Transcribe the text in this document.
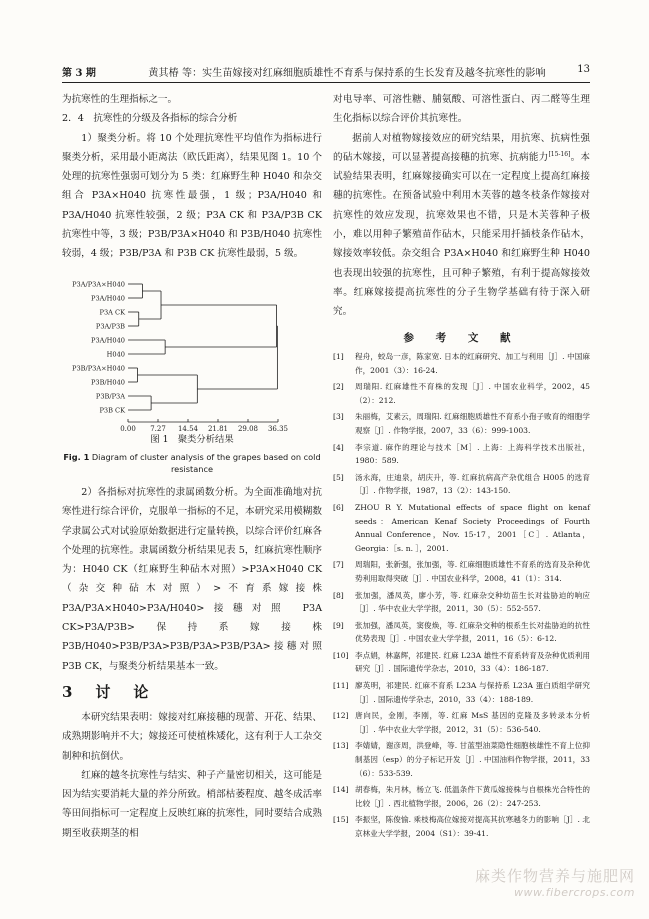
第 3 期	黄其椿 等：实生苗嫁接对红麻细胞质雄性不育系与保持系的生长发育及越冬抗寒性的影响	13

为抗寒性的生理指标之一。

2．4　抗寒性的分级及各指标的综合分析

1）聚类分析。将 10 个处理抗寒性平均值作为指标进行聚类分析，采用最小距离法（欧氏距离），结果见图 1。10 个处理的抗寒性强弱可划分为 5 类：红麻野生种 H040 和杂交组合 P3A×H040 抗寒性最强，1 级；P3A/H040 和 P3A/H040 抗寒性较强，2 级；P3A CK 和 P3A/P3B CK 抗寒性中等，3 级；P3B/P3A×H040 和 P3B/H040 抗寒性较弱，4 级；P3B/P3A 和 P3B CK 抗寒性最弱，5 级。

P3A/P3A×H040
P3A/H040
P3A CK
P3A/P3B
P3A/H040
H040
P3B/P3A×H040
P3B/H040
P3B/P3A
P3B CK
0.00 7.27 14.54 21.81 29.08 36.35
图 1　聚类分析结果
Fig. 1 Diagram of cluster analysis of the grapes based on cold resistance

2）各指标对抗寒性的隶属函数分析。为全面准确地对抗寒性进行综合评价，克服单一指标的不足，本研究采用模糊数学隶属公式对试验原始数据进行定量转换，以综合评价红麻各个处理的抗寒性。隶属函数分析结果见表 5，红麻抗寒性顺序为：H040 CK（红麻野生种砧木对照）>P3A×H040 CK（杂交种砧木对照）>不育系嫁接株 P3A/P3A×H040>P3A/H040>接穗对照 P3A CK>P3A/P3B>保持系嫁接株 P3B/H040>P3B/P3A>P3B/P3A>P3B/P3A>接穗对照 P3B CK，与聚类分析结果基本一致。

3　讨　论

本研究结果表明：嫁接对红麻接穗的现蕾、开花、结果、成熟期影响并不大；嫁接还可使植株矮化，这有利于人工杂交制种和抗倒伏。

红麻的越冬抗寒性与结实、种子产量密切相关，这可能是因为结实要消耗大量的养分所致。梢部枯萎程度、越冬成活率等田间指标可一定程度上反映红麻的抗寒性，同时要结合成熟期至收获期茎的相

对电导率、可溶性糖、脯氨酸、可溶性蛋白、丙二醛等生理生化指标以综合评价其抗寒性。

据前人对植物嫁接效应的研究结果，用抗寒、抗病性强的砧木嫁接，可以显著提高接穗的抗寒、抗病能力[15-16]。本试验结果表明，红麻嫁接确实可以在一定程度上提高红麻接穗的抗寒性。在预备试验中利用木芙蓉的越冬枝条作嫁接对抗寒性的效应发现，抗寒效果也不错，只是木芙蓉种子极小，难以用种子繁殖苗作砧木，只能采用扦插枝条作砧木，嫁接效率较低。杂交组合 P3A×H040 和红麻野生种 H040 也表现出较强的抗寒性，且可种子繁殖，有利于提高嫁接效率。红麻嫁接提高抗寒性的分子生物学基础有待于深入研究。

参 考 文 献
[1] 程舟，蛟岛一彦，陈家宽. 日本的红麻研究、加工与利用［J］. 中国麻作，2001（3）：16-24.
[2] 周瑞阳. 红麻雄性不育株的发现［J］. 中国农业科学，2002，45（2）：212.
[3] 朱丽梅，艾素云，周瑞阳. 红麻细胞质雄性不育系小孢子败育的细胞学观察［J］. 作物学报，2007，33（6）：999-1003.
[4] 李宗道. 麻作的理论与技术［M］. 上海：上海科学技术出版社，1980：589.
[5] 汤永海，庄迪泉，胡庆升，等. 红麻抗病高产杂优组合 H005 的选育［J］. 作物学报，1987，13（2）：143-150.
[6] ZHOU R Y. Mutational effects of space flight on kenaf seeds：American Kenaf Society Proceedings of Fourth Annual Conference，Nov. 15-17，2001［C］. Atlanta，Georgia：［s. n. ］，2001.
[7] 周瑞阳，张新强，张加强，等. 红麻细胞质雄性不育系的选育及杂种优势利用取得突破［J］. 中国农业科学，2008，41（1）：314.
[8] 张加强，潘凤英，廖小芳，等. 红麻杂交种幼苗生长对盐胁迫的响应［J］. 华中农业大学学报，2011，30（5）：552-557.
[9] 张加强，潘凤英，窦俊焕，等. 红麻杂交种的根系生长对盐胁迫的抗性优势表现［J］. 中国农业大学学报，2011，16（5）：6-12.
[10] 李点娟，林嘉辉，祁建民. 红麻 L23A 雄性不育系转育及杂种优质利用研究［J］. 国际遗传学杂志，2010，33（4）：186-187.
[11] 廖英明，祁建民. 红麻不育系 L23A 与保持系 L23A 蛋白质组学研究［J］. 国际遗传学杂志，2010，33（4）：188-189.
[12] 唐向民，金刚，李刚，等. 红麻 MsS 基因的克隆及多转录本分析［J］. 华中农业大学学报，2012，31（5）：536-540.
[13] 李婧婧，谢彦周，洪登峰，等. 甘蓝型油菜隐性细胞核雄性不育上位抑制基因（esp）的分子标记开发［J］. 中国油料作物学报，2011，33（6）：533-539.
[14] 胡春梅，朱月林，杨立飞. 低温条件下黄瓜嫁接株与自根株光合特性的比较［J］. 西北植物学报，2006，26（2）：247-253.
[15] 李振坚，陈俊愉. 乘枝梅高位嫁接对提高其抗寒越冬力的影响［J］. 北京林业大学学报，2004（S1）：39-41.
麻类作物营养与施肥网
www.fibercrops.com
